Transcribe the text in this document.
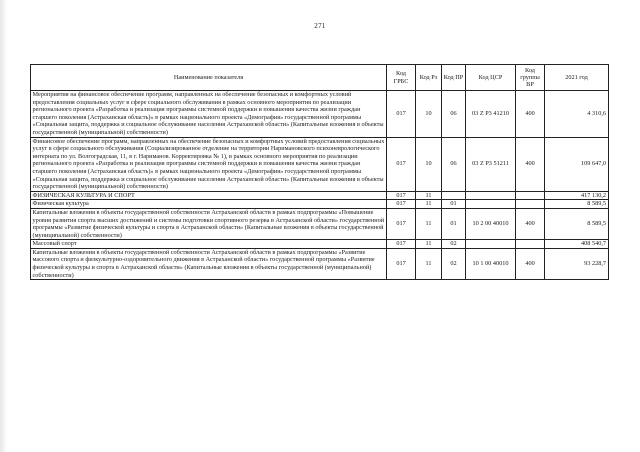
271
Наименование показателя	Код ГРБС	Код Рз	Код ПР	Код ЦСР	Код группы ВР	2021 год
Мероприятия на финансовое обеспечение программ, направленных на обеспечение безопасных и комфортных условий предоставления социальных услуг в сфере социального обслуживания в рамках основного мероприятия по реализации регионального проекта «Разработка и реализация программы системной поддержки и повышения качества жизни граждан старшего поколения (Астраханская область)» в рамках национального проекта «Демография» государственной программы «Социальная защита, поддержка и социальное обслуживание населения Астраханской области» (Капитальные вложения в объекты государственной (муниципальной) собственности)	017	10	06	03 Z P3 41210	400	4 310,6
Финансовое обеспечение программ, направленных на обеспечение безопасных и комфортных условий предоставления социальных услуг в сфере социального обслуживания (Социализированное отделение на территории Наримановского психоневрологического интерната по ул. Волгоградская, 11, в г. Нариманов. Корректировка № 1), в рамках основного мероприятия по реализации регионального проекта «Разработка и реализация программы системной поддержки и повышения качества жизни граждан старшего поколения (Астраханская область)» в рамках национального проекта «Демография» государственной программы «Социальная защита, поддержка и социальное обслуживание населения Астраханской области» (Капитальные вложения в объекты государственной (муниципальной) собственности)	017	10	06	03 Z P3 51211	400	109 647,0
ФИЗИЧЕСКАЯ КУЛЬТУРА И СПОРТ	017	11				417 130,2
Физическая культура	017	11	01			8 589,5
Капитальные вложения в объекты государственной собственности Астраханской области в рамках подпрограммы «Повышение уровня развития спорта высших достижений и системы подготовки спортивного резерва в Астраханской области» государственной программы «Развитие физической культуры и спорта в Астраханской области» (Капитальные вложения в объекты государственной (муниципальной) собственности)	017	11	01	10 2 00 40010	400	8 589,5
Массовый спорт	017	11	02			408 540,7
Капитальные вложения в объекты государственной собственности Астраханской области в рамках подпрограммы «Развитие массового спорта и физкультурно-оздоровительного движения в Астраханской области» государственной программы «Развитие физической культуры и спорта в Астраханской области» (Капитальные вложения в объекты государственной (муниципальной) собственности)	017	11	02	10 1 00 40010	400	93 228,7
